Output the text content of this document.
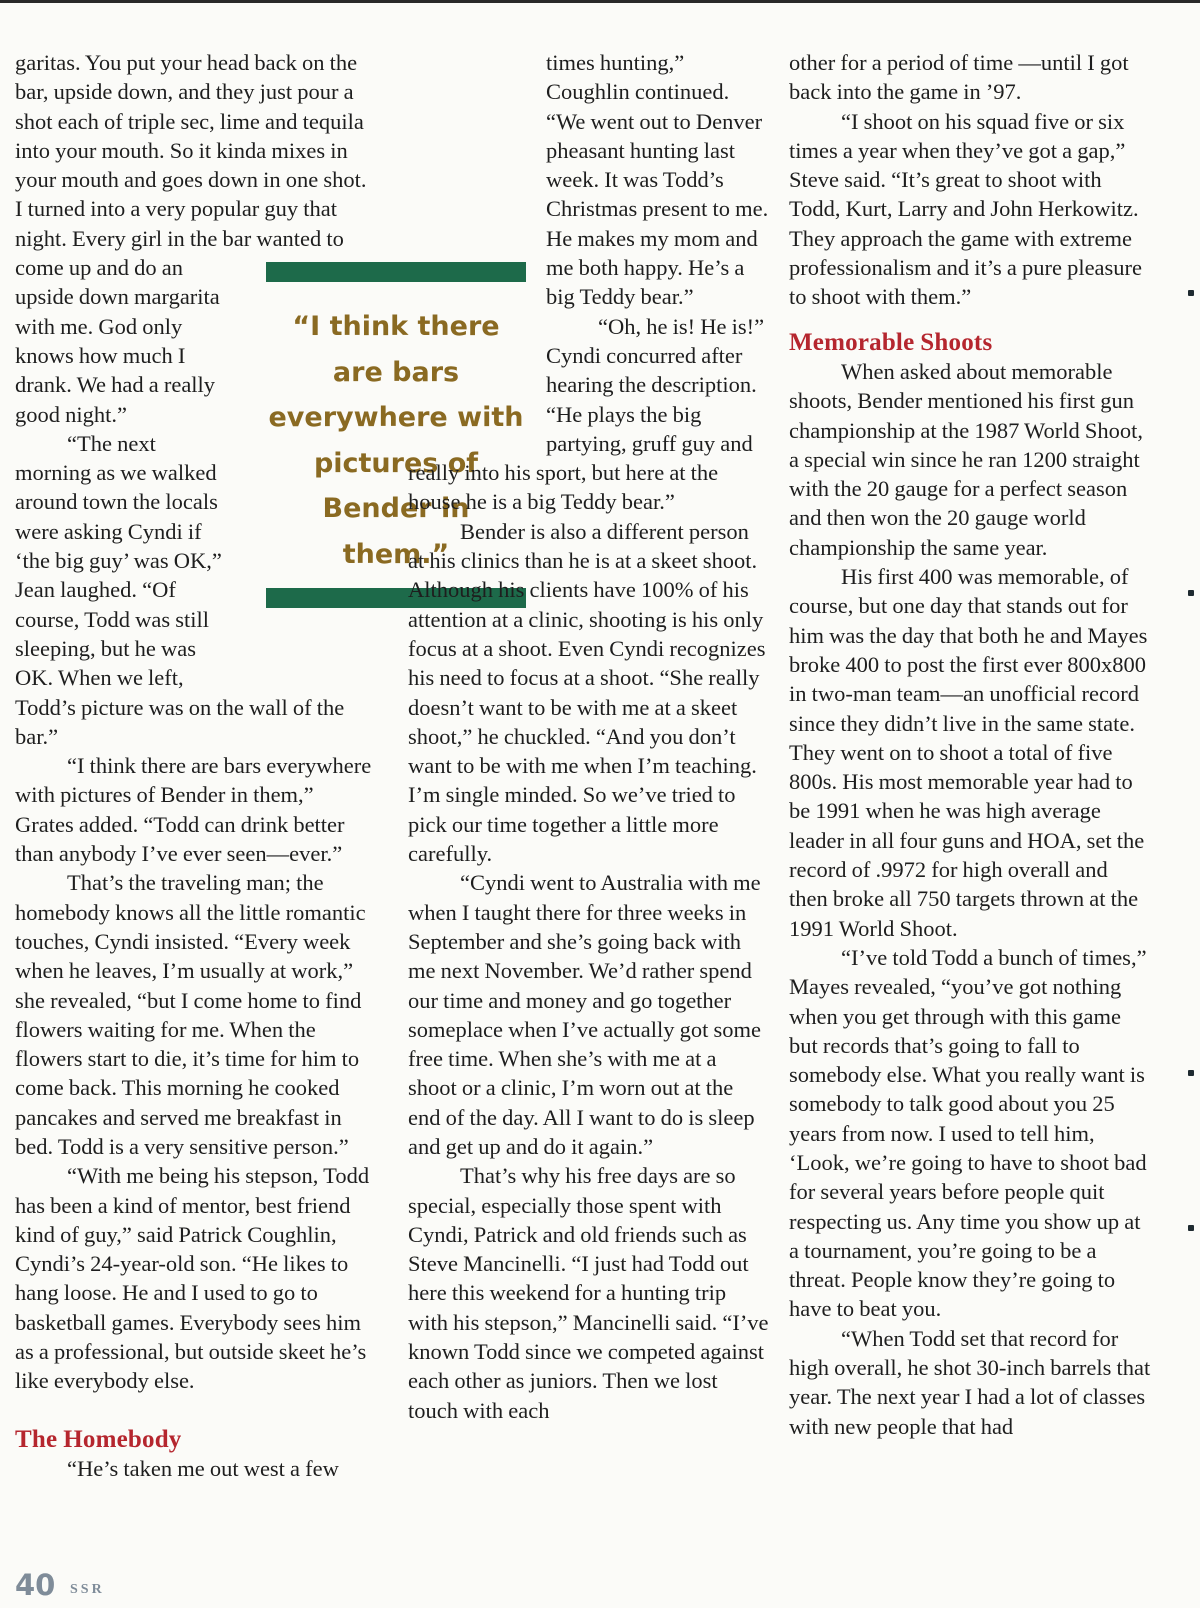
garitas. You put your head back on the bar, upside down, and they just pour a shot each of triple sec, lime and tequila into your mouth. So it kinda mixes in your mouth and goes down in one shot. I turned into a very popular guy that night. Every girl in the bar wanted to come up and do an upside down margarita with me. God only knows how much I drank. We had a really good night.”

“The next morning as we walked around town the locals were asking Cyndi if ‘the big guy’ was OK,” Jean laughed. “Of course, Todd was still sleeping, but he was OK. When we left, Todd’s picture was on the wall of the bar.”

“I think there are bars everywhere with pictures of Bender in them,” Grates added. “Todd can drink better than anybody I’ve ever seen—ever.”

That’s the traveling man; the homebody knows all the little romantic touches, Cyndi insisted. “Every week when he leaves, I’m usually at work,” she revealed, “but I come home to find flowers waiting for me. When the flowers start to die, it’s time for him to come back. This morning he cooked pancakes and served me breakfast in bed. Todd is a very sensitive person.”

“With me being his stepson, Todd has been a kind of mentor, best friend kind of guy,” said Patrick Coughlin, Cyndi’s 24-year-old son. “He likes to hang loose. He and I used to go to basketball games. Everybody sees him as a professional, but outside skeet he’s like everybody else.

The Homebody

“He’s taken me out west a few

“I think there are bars everywhere with pictures of Bender in them.”

times hunting,” Coughlin continued. “We went out to Denver pheasant hunting last week. It was Todd’s Christmas present to me. He makes my mom and me both happy. He’s a big Teddy bear.”

“Oh, he is! He is!” Cyndi concurred after hearing the description. “He plays the big partying, gruff guy and really into his sport, but here at the house he is a big Teddy bear.”

Bender is also a different person at his clinics than he is at a skeet shoot. Although his clients have 100% of his attention at a clinic, shooting is his only focus at a shoot. Even Cyndi recognizes his need to focus at a shoot. “She really doesn’t want to be with me at a skeet shoot,” he chuckled. “And you don’t want to be with me when I’m teaching. I’m single minded. So we’ve tried to pick our time together a little more carefully.

“Cyndi went to Australia with me when I taught there for three weeks in September and she’s going back with me next November. We’d rather spend our time and money and go together someplace when I’ve actually got some free time. When she’s with me at a shoot or a clinic, I’m worn out at the end of the day. All I want to do is sleep and get up and do it again.”

That’s why his free days are so special, especially those spent with Cyndi, Patrick and old friends such as Steve Mancinelli. “I just had Todd out here this weekend for a hunting trip with his stepson,” Mancinelli said. “I’ve known Todd since we competed against each other as juniors. Then we lost touch with each

other for a period of time —until I got back into the game in ’97.

“I shoot on his squad five or six times a year when they’ve got a gap,” Steve said. “It’s great to shoot with Todd, Kurt, Larry and John Herkowitz. They approach the game with extreme professionalism and it’s a pure pleasure to shoot with them.”

Memorable Shoots

When asked about memorable shoots, Bender mentioned his first gun championship at the 1987 World Shoot, a special win since he ran 1200 straight with the 20 gauge for a perfect season and then won the 20 gauge world championship the same year.

His first 400 was memorable, of course, but one day that stands out for him was the day that both he and Mayes broke 400 to post the first ever 800x800 in two-man team—an unofficial record since they didn’t live in the same state. They went on to shoot a total of five 800s. His most memorable year had to be 1991 when he was high average leader in all four guns and HOA, set the record of .9972 for high overall and then broke all 750 targets thrown at the 1991 World Shoot.

“I’ve told Todd a bunch of times,” Mayes revealed, “you’ve got nothing when you get through with this game but records that’s going to fall to somebody else. What you really want is somebody to talk good about you 25 years from now. I used to tell him, ‘Look, we’re going to have to shoot bad for several years before people quit respecting us. Any time you show up at a tournament, you’re going to be a threat. People know they’re going to have to beat you.

“When Todd set that record for high overall, he shot 30-inch barrels that year. The next year I had a lot of classes with new people that had

40 SSR
